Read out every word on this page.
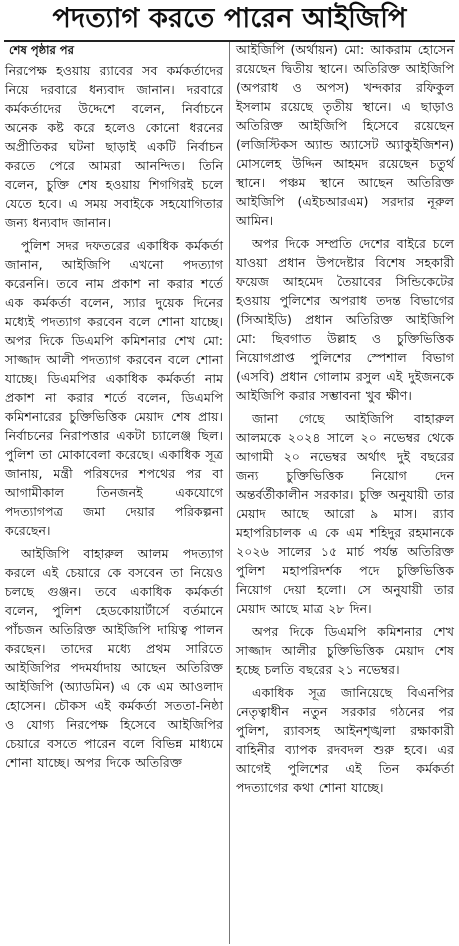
পদত্যাগ করতে পারেন আইজিপি
শেষ পৃষ্ঠার পর

নিরপেক্ষ হওয়ায় র‌্যাবের সব কর্মকর্তাদের নিয়ে দরবারে ধন্যবাদ জানান। দরবারে কর্মকর্তাদের উদ্দেশে বলেন, নির্বাচনে অনেক কষ্ট করে হলেও কোনো ধরনের অপ্রীতিকর ঘটনা ছাড়াই একটি নির্বাচন করতে পেরে আমরা আনন্দিত। তিনি বলেন, চুক্তি শেষ হওয়ায় শিগগিরই চলে যেতে হবে। এ সময় সবাইকে সহযোগিতার জন্য ধন্যবাদ জানান।

পুলিশ সদর দফতরের একাধিক কর্মকর্তা জানান, আইজিপি এখনো পদত্যাগ করেননি। তবে নাম প্রকাশ না করার শর্তে এক কর্মকর্তা বলেন, স্যার দুয়েক দিনের মধ্যেই পদত্যাগ করবেন বলে শোনা যাচ্ছে। অপর দিকে ডিএমপি কমিশনার শেখ মো: সাজ্জাদ আলী পদত্যাগ করবেন বলে শোনা যাচ্ছে। ডিএমপির একাধিক কর্মকর্তা নাম প্রকাশ না করার শর্তে বলেন, ডিএমপি কমিশনারের চুক্তিভিত্তিক মেয়াদ শেষ প্রায়। নির্বাচনের নিরাপত্তার একটা চ্যালেঞ্জ ছিল। পুলিশ তা মোকাবেলা করেছে। একাধিক সূত্র জানায়, মন্ত্রী পরিষদের শপথের পর বা আগামীকাল তিনজনই একযোগে পদত্যাগপত্র জমা দেয়ার পরিকল্পনা করেছেন।

আইজিপি বাহারুল আলম পদত্যাগ করলে এই চেয়ারে কে বসবেন তা নিয়েও চলছে গুঞ্জন। তবে একাধিক কর্মকর্তা বলেন, পুলিশ হেডকোয়ার্টার্সে বর্তমানে পাঁচজন অতিরিক্ত আইজিপি দায়িত্ব পালন করছেন। তাদের মধ্যে প্রথম সারিতে আইজিপির পদমর্যাদায় আছেন অতিরিক্ত আইজিপি (অ্যাডমিন) এ কে এম আওলাদ হোসেন। চৌকস এই কর্মকর্তা সততা-নিষ্ঠা ও যোগ্য নিরপেক্ষ হিসেবে আইজিপির চেয়ারে বসতে পারেন বলে বিভিন্ন মাধ্যমে শোনা যাচ্ছে। অপর দিকে অতিরিক্ত

আইজিপি (অর্থায়ন) মো: আকরাম হোসেন রয়েছেন দ্বিতীয় স্থানে। অতিরিক্ত আইজিপি (অপরাধ ও অপস) খন্দকার রফিকুল ইসলাম রয়েছে তৃতীয় স্থানে। এ ছাড়াও অতিরিক্ত আইজিপি হিসেবে রয়েছেন (লজিস্টিকস অ্যান্ড অ্যাসেট অ্যাকুইজিশন) মোসলেহ উদ্দিন আহমদ রয়েছেন চতুর্থ স্থানে। পঞ্চম স্থানে আছেন অতিরিক্ত আইজিপি (এইচআরএম) সরদার নূরুল আমিন।

অপর দিকে সম্প্রতি দেশের বাইরে চলে যাওয়া প্রধান উপদেষ্টার বিশেষ সহকারী ফয়েজ আহমেদ তৈয়াবের সিন্ডিকেটের হওয়ায় পুলিশের অপরাধ তদন্ত বিভাগের (সিআইডি) প্রধান অতিরিক্ত আইজিপি মো: ছিবগাত উল্লাহ ও চুক্তিভিত্তিক নিয়োগপ্রাপ্ত পুলিশের স্পেশাল বিভাগ (এসবি) প্রধান গোলাম রসুল এই দুইজনকে আইজিপি করার সম্ভাবনা খুব ক্ষীণ।

জানা গেছে আইজিপি বাহারুল আলমকে ২০২৪ সালে ২০ নভেম্বর থেকে আগামী ২০ নভেম্বর অর্থাৎ দুই বছরের জন্য চুক্তিভিত্তিক নিয়োগ দেন অন্তর্বর্তীকালীন সরকার। চুক্তি অনুযায়ী তার মেয়াদ আছে আরো ৯ মাস। র‌্যাব মহাপরিচালক এ কে এম শহিদুর রহমানকে ২০২৬ সালের ১৫ মার্চ পর্যন্ত অতিরিক্ত পুলিশ মহাপরিদর্শক পদে চুক্তিভিত্তিক নিয়োগ দেয়া হলো। সে অনুযায়ী তার মেয়াদ আছে মাত্র ২৮ দিন।

অপর দিকে ডিএমপি কমিশনার শেখ সাজ্জাদ আলীর চুক্তিভিত্তিক মেয়াদ শেষ হচ্ছে চলতি বছরের ২১ নভেম্বর।

একাধিক সূত্র জানিয়েছে বিএনপির নেতৃত্বাধীন নতুন সরকার গঠনের পর পুলিশ, র‌্যাবসহ আইনশৃঙ্খলা রক্ষাকারী বাহিনীর ব্যাপক রদবদল শুরু হবে। এর আগেই পুলিশের এই তিন কর্মকর্তা পদত্যাগের কথা শোনা যাচ্ছে।
